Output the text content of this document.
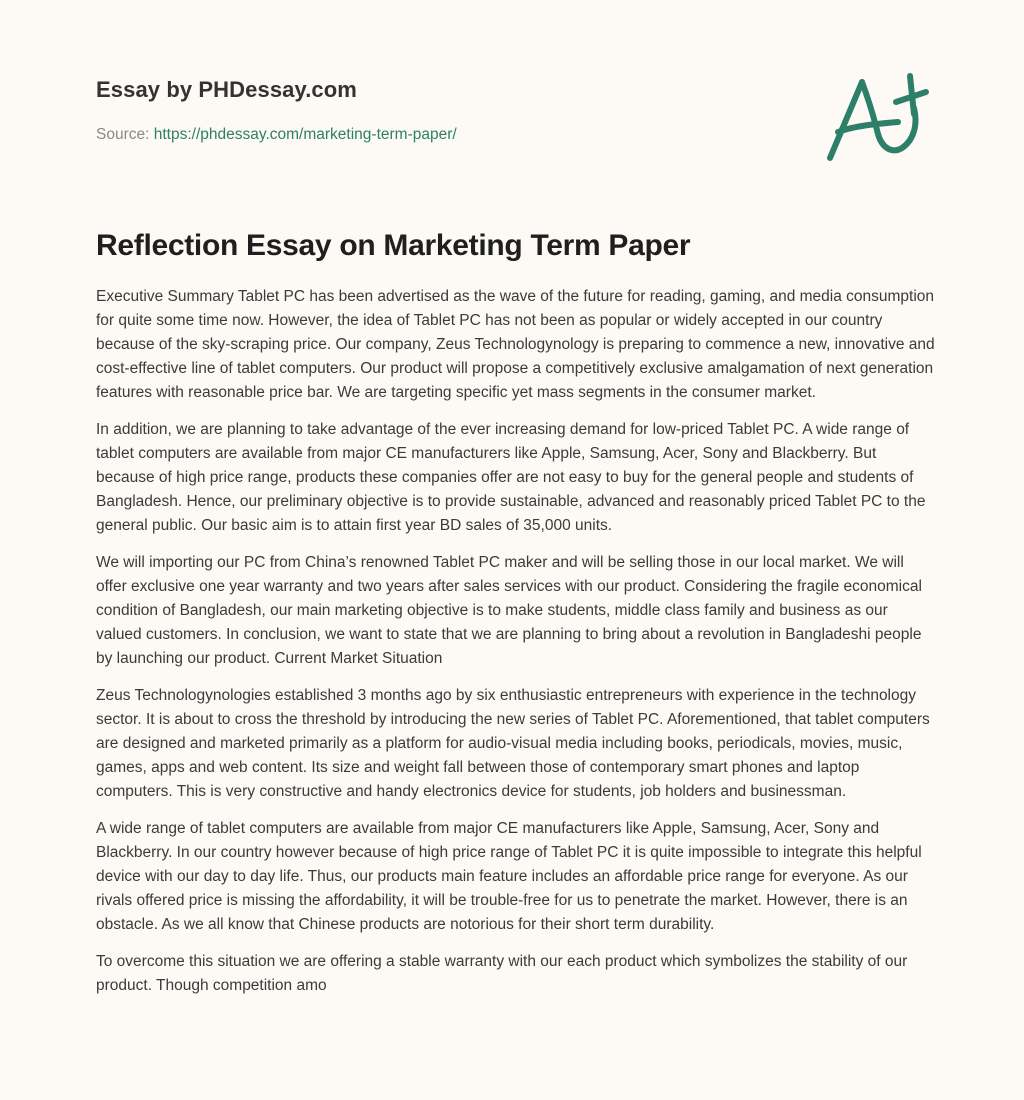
Essay by PHDessay.com
Source: https://phdessay.com/marketing-term-paper/
Reflection Essay on Marketing Term Paper

Executive Summary Tablet PC has been advertised as the wave of the future for reading, gaming, and media consumption for quite some time now. However, the idea of Tablet PC has not been as popular or widely accepted in our country because of the sky-scraping price. Our company, Zeus Technologynology is preparing to commence a new, innovative and cost-effective line of tablet computers. Our product will propose a competitively exclusive amalgamation of next generation features with reasonable price bar. We are targeting specific yet mass segments in the consumer market.

In addition, we are planning to take advantage of the ever increasing demand for low-priced Tablet PC. A wide range of tablet computers are available from major CE manufacturers like Apple, Samsung, Acer, Sony and Blackberry. But because of high price range, products these companies offer are not easy to buy for the general people and students of Bangladesh. Hence, our preliminary objective is to provide sustainable, advanced and reasonably priced Tablet PC to the general public. Our basic aim is to attain first year BD sales of 35,000 units.

We will importing our PC from China’s renowned Tablet PC maker and will be selling those in our local market. We will offer exclusive one year warranty and two years after sales services with our product. Considering the fragile economical condition of Bangladesh, our main marketing objective is to make students, middle class family and business as our valued customers. In conclusion, we want to state that we are planning to bring about a revolution in Bangladeshi people by launching our product. Current Market Situation

Zeus Technologynologies established 3 months ago by six enthusiastic entrepreneurs with experience in the technology sector. It is about to cross the threshold by introducing the new series of Tablet PC. Aforementioned, that tablet computers are designed and marketed primarily as a platform for audio-visual media including books, periodicals, movies, music, games, apps and web content. Its size and weight fall between those of contemporary smart phones and laptop computers. This is very constructive and handy electronics device for students, job holders and businessman.

A wide range of tablet computers are available from major CE manufacturers like Apple, Samsung, Acer, Sony and Blackberry. In our country however because of high price range of Tablet PC it is quite impossible to integrate this helpful device with our day to day life. Thus, our products main feature includes an affordable price range for everyone. As our rivals offered price is missing the affordability, it will be trouble-free for us to penetrate the market. However, there is an obstacle. As we all know that Chinese products are notorious for their short term durability.

To overcome this situation we are offering a stable warranty with our each product which symbolizes the stability of our product. Though competition amo
